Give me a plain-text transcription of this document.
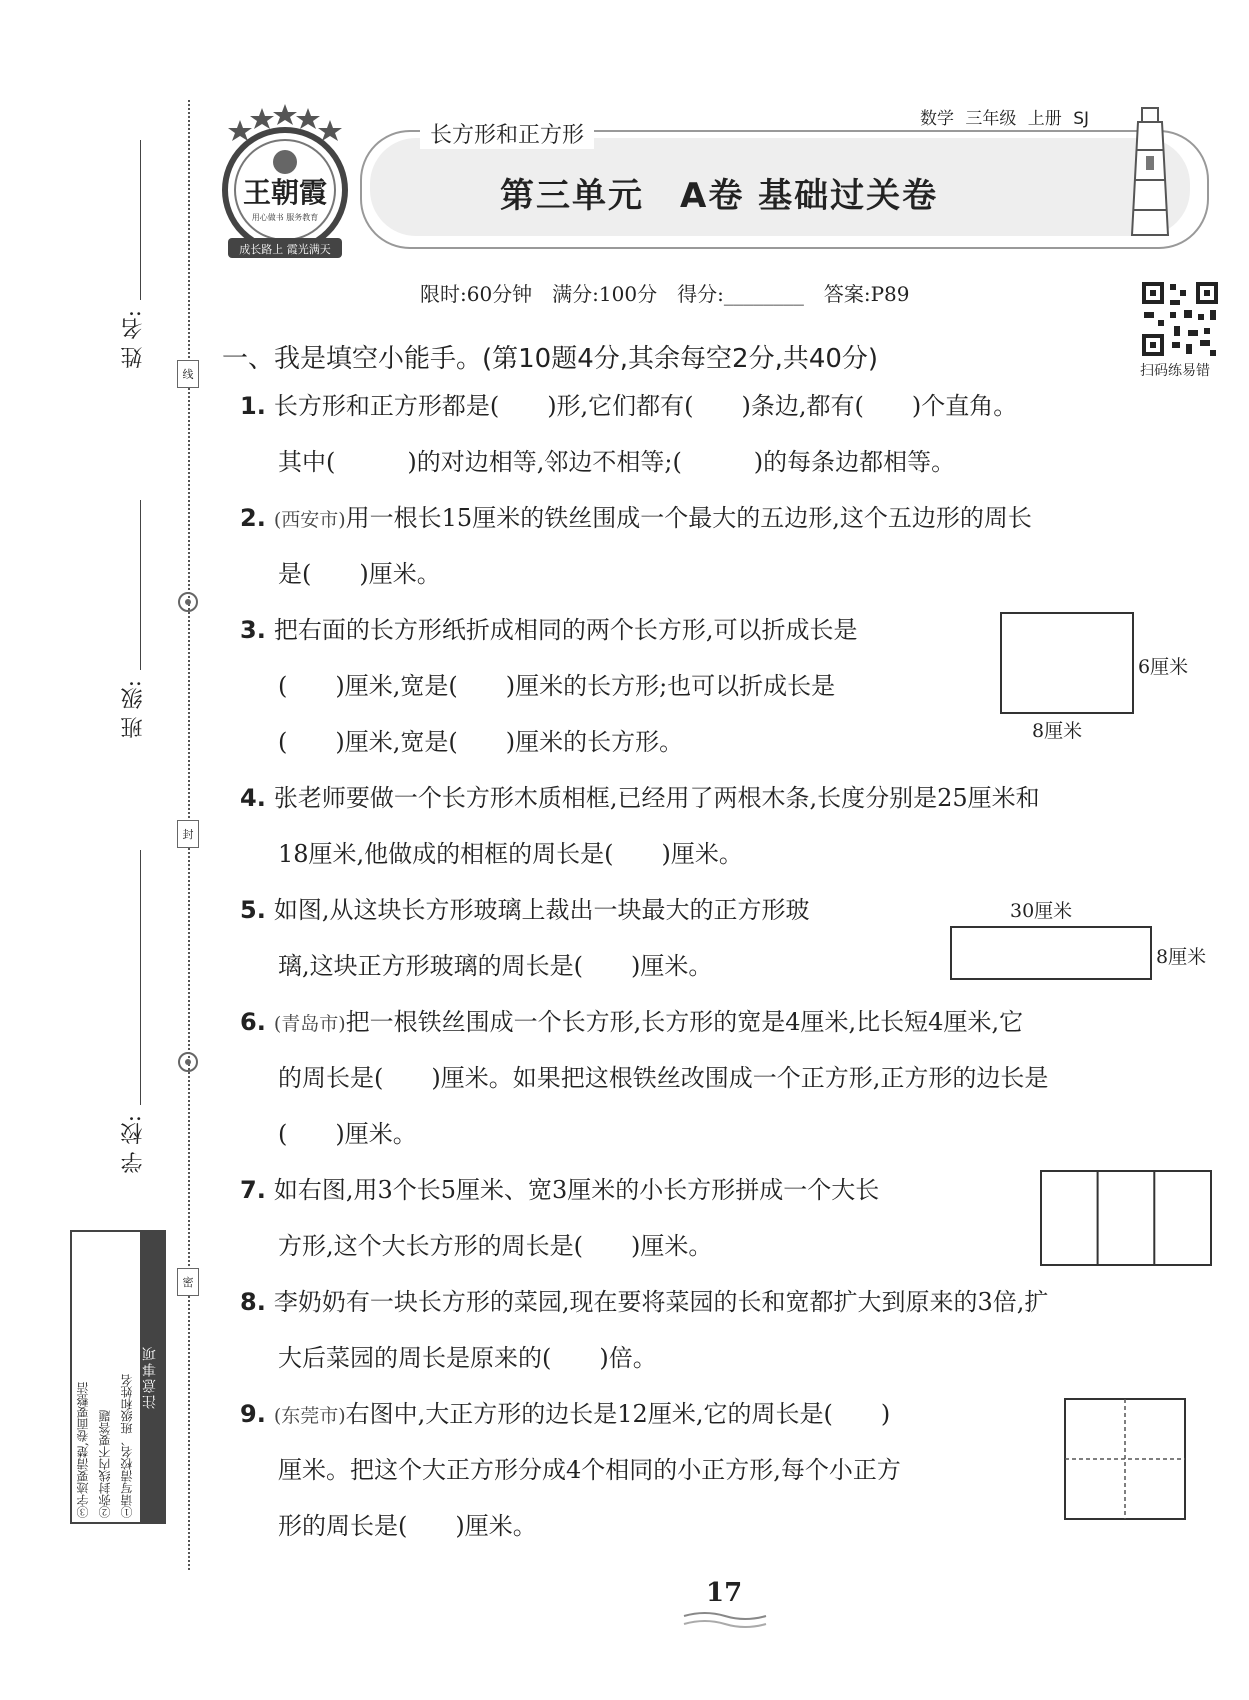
姓 名:
班 级:
学 校:
线
封
密
注意事项
①请写清校名、班级和姓名
②弥封线内不要答题
③字迹要清楚,卷面要整洁
王朝霞
用心做书 服务教育
成长路上 霞光满天
长方形和正方形
第三单元　A卷 基础过关卷
数学 三年级 上册 SJ
限时:60分钟　满分:100分　得分:________　答案:P89
扫码练易错
一、我是填空小能手。(第10题4分,其余每空2分,共40分)
1. 长方形和正方形都是(　　)形,它们都有(　　)条边,都有(　　)个直角。
其中(　　　)的对边相等,邻边不相等;(　　　)的每条边都相等。
2. (西安市)用一根长15厘米的铁丝围成一个最大的五边形,这个五边形的周长
是(　　)厘米。
3. 把右面的长方形纸折成相同的两个长方形,可以折成长是
(　　)厘米,宽是(　　)厘米的长方形;也可以折成长是
(　　)厘米,宽是(　　)厘米的长方形。
6厘米
8厘米
4. 张老师要做一个长方形木质相框,已经用了两根木条,长度分别是25厘米和
18厘米,他做成的相框的周长是(　　)厘米。
5. 如图,从这块长方形玻璃上裁出一块最大的正方形玻
璃,这块正方形玻璃的周长是(　　)厘米。
30厘米
8厘米
6. (青岛市)把一根铁丝围成一个长方形,长方形的宽是4厘米,比长短4厘米,它
的周长是(　　)厘米。如果把这根铁丝改围成一个正方形,正方形的边长是
(　　)厘米。
7. 如右图,用3个长5厘米、宽3厘米的小长方形拼成一个大长
方形,这个大长方形的周长是(　　)厘米。
8. 李奶奶有一块长方形的菜园,现在要将菜园的长和宽都扩大到原来的3倍,扩
大后菜园的周长是原来的(　　)倍。
9. (东莞市)右图中,大正方形的边长是12厘米,它的周长是(　　)
厘米。把这个大正方形分成4个相同的小正方形,每个小正方
形的周长是(　　)厘米。
17
